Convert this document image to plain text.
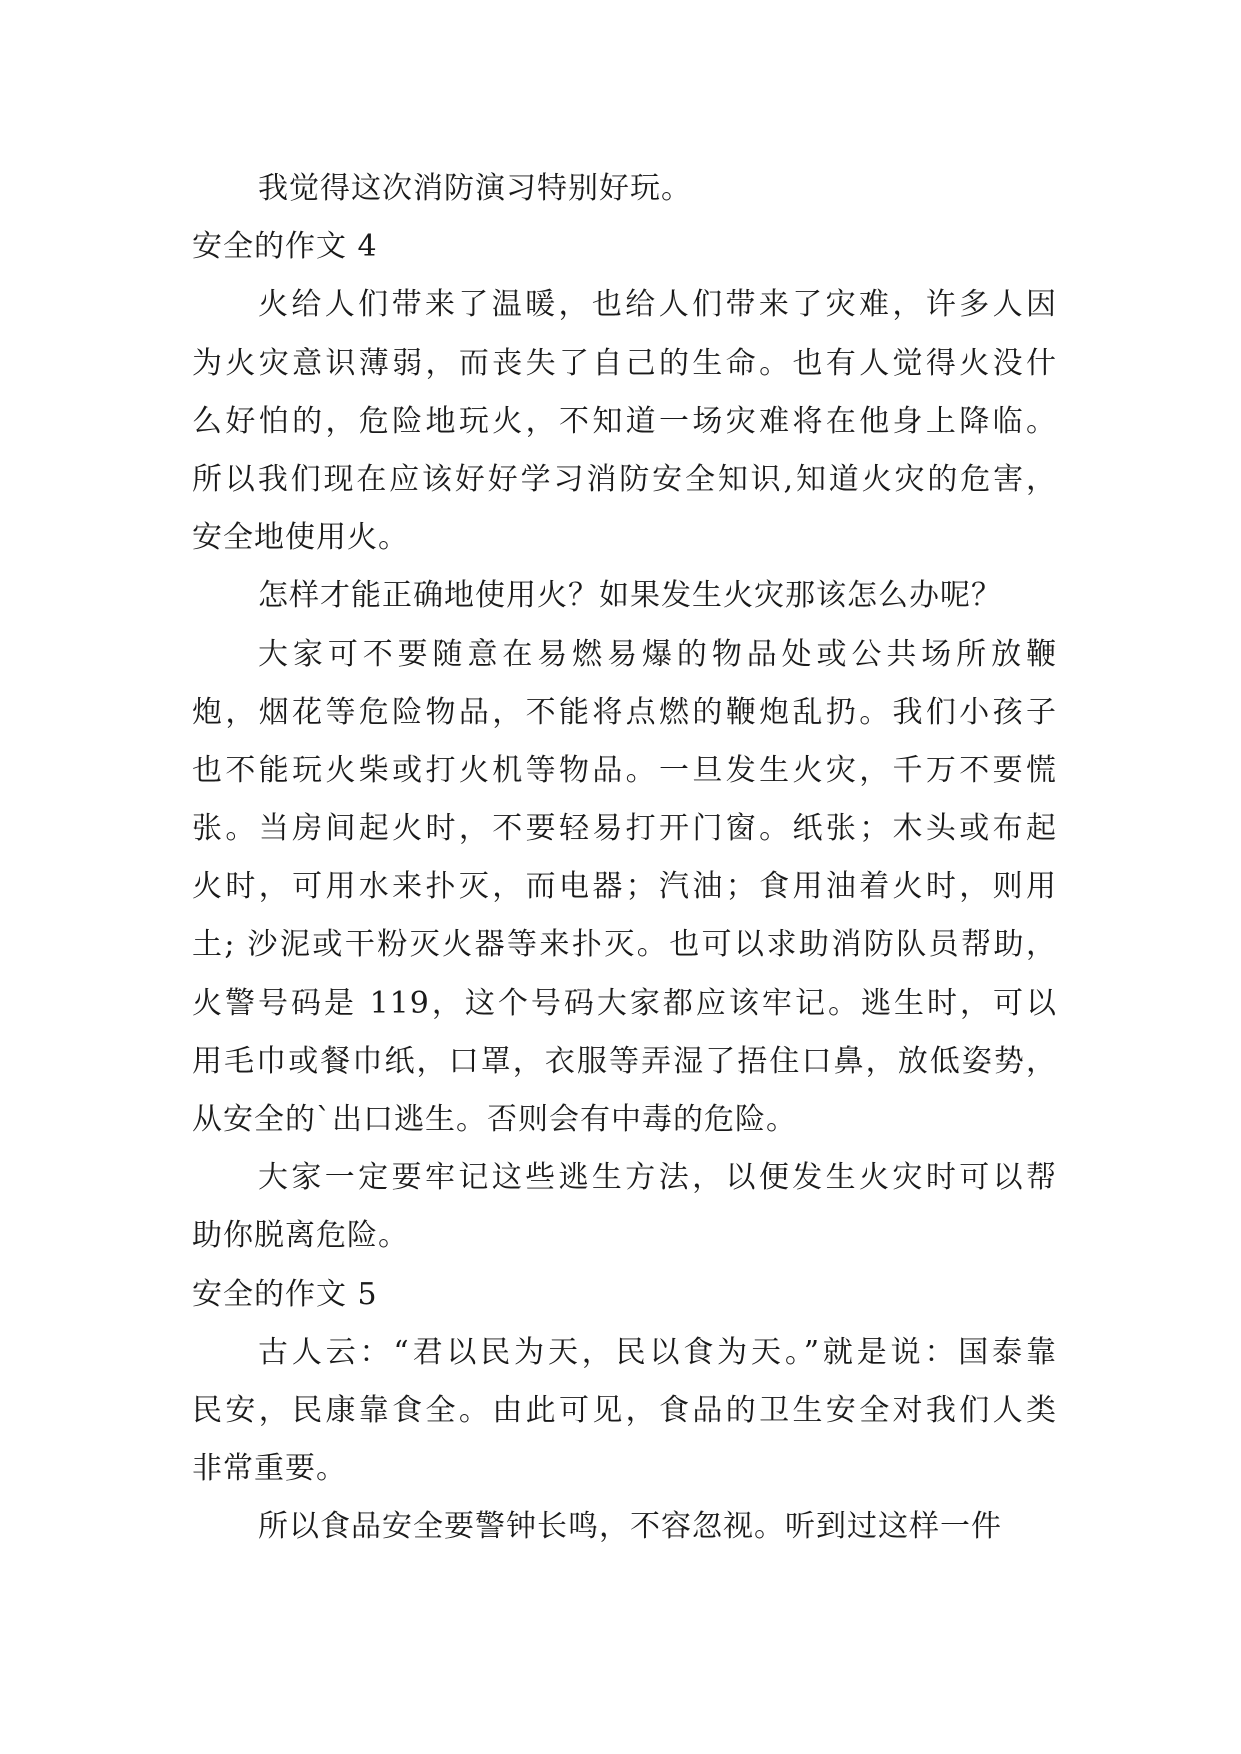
我觉得这次消防演习特别好玩。
安全的作文 4
火给人们带来了温暖，也给人们带来了灾难，许多人因
为火灾意识薄弱，而丧失了自己的生命。也有人觉得火没什
么好怕的，危险地玩火，不知道一场灾难将在他身上降临。
所以我们现在应该好好学习消防安全知识,知道火灾的危害，
安全地使用火。
怎样才能正确地使用火？如果发生火灾那该怎么办呢？
大家可不要随意在易燃易爆的物品处或公共场所放鞭
炮，烟花等危险物品，不能将点燃的鞭炮乱扔。我们小孩子
也不能玩火柴或打火机等物品。一旦发生火灾，千万不要慌
张。当房间起火时，不要轻易打开门窗。纸张；木头或布起
火时，可用水来扑灭，而电器；汽油；食用油着火时，则用
土; 沙泥或干粉灭火器等来扑灭。也可以求助消防队员帮助，
火警号码是 119，这个号码大家都应该牢记。逃生时，可以
用毛巾或餐巾纸，口罩，衣服等弄湿了捂住口鼻，放低姿势，
从安全的`出口逃生。否则会有中毒的危险。
大家一定要牢记这些逃生方法，以便发生火灾时可以帮
助你脱离危险。
安全的作文 5
古人云：“君以民为天，民以食为天。”就是说：国泰靠
民安，民康靠食全。由此可见，食品的卫生安全对我们人类
非常重要。
所以食品安全要警钟长鸣，不容忽视。听到过这样一件
